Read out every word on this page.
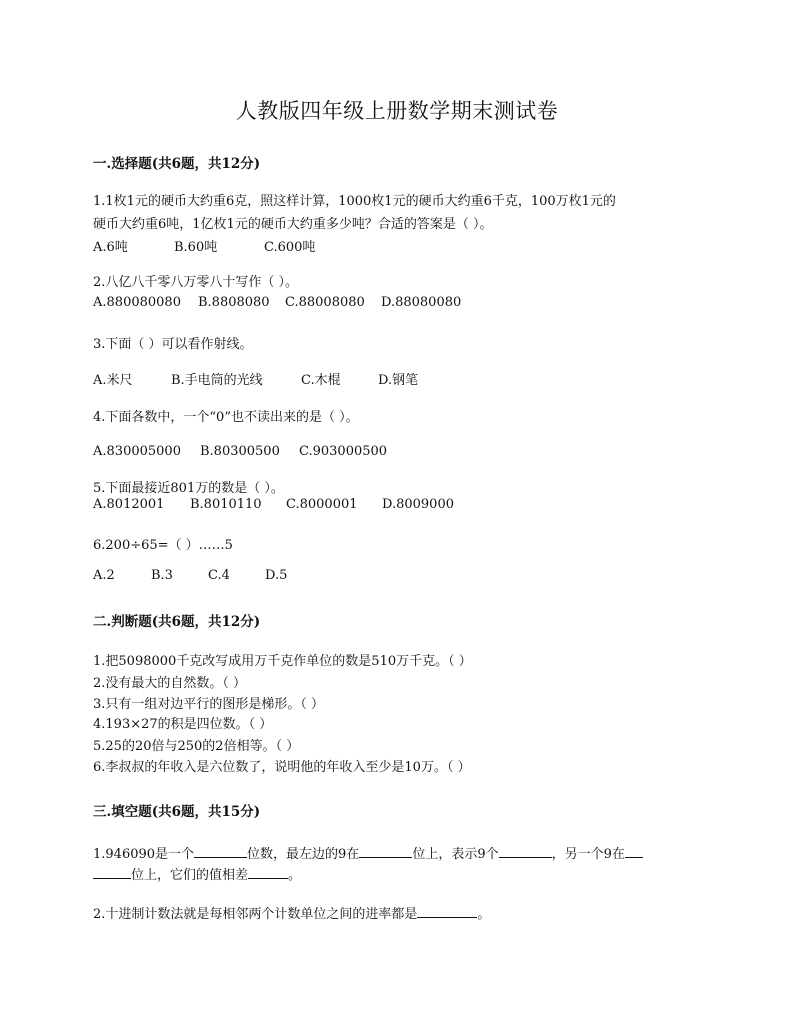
人教版四年级上册数学期末测试卷
一.选择题(共6题，共12分)
1.1枚1元的硬币大约重6克，照这样计算，1000枚1元的硬币大约重6千克，100万枚1元的
硬币大约重6吨，1亿枚1元的硬币大约重多少吨？合适的答案是（ ）。
A.6吨	B.60吨	C.600吨
2.八亿八千零八万零八十写作（ ）。
A.880080080 B.8808080 C.88008080 D.88080080
3.下面（ ）可以看作射线。
A.米尺	B.手电筒的光线	C.木棍	D.钢笔
4.下面各数中，一个“0”也不读出来的是（ ）。
A.830005000 B.80300500 C.903000500
5.下面最接近801万的数是（ ）。
A.8012001 B.8010110 C.8000001 D.8009000
6.200÷65=（ ）……5
A.2	B.3	C.4	D.5
二.判断题(共6题，共12分)
1.把5098000千克改写成用万千克作单位的数是510万千克。（ ）
2.没有最大的自然数。（ ）
3.只有一组对边平行的图形是梯形。（ ）
4.193×27的积是四位数。（ ）
5.25的20倍与250的2倍相等。（ ）
6.李叔叔的年收入是六位数了，说明他的年收入至少是10万。（ ）
三.填空题(共6题，共15分)
1.946090是一个	位数，最左边的9在	位上，表示9个	，另一个9在
位上，它们的值相差	。
2.十进制计数法就是每相邻两个计数单位之间的进率都是	。
